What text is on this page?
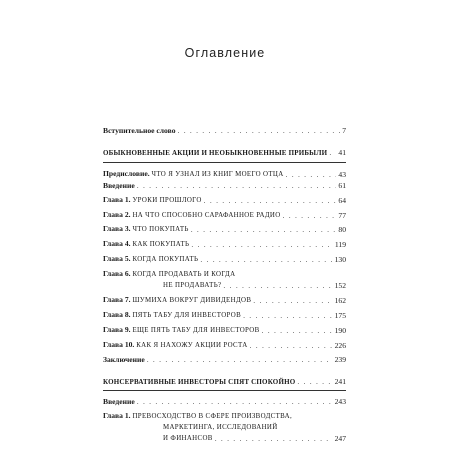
Оглавление
Вступительное слово . . .	7
ОБЫКНОВЕННЫЕ АКЦИИ И НЕОБЫКНОВЕННЫЕ ПРИБЫЛИ . . . 41
Предисловие. ЧТО Я УЗНАЛ ИЗ КНИГ МОЕГО ОТЦА . . .	43
Введение . . .	61
Глава 1. УРОКИ ПРОШЛОГО . . .	64
Глава 2. НА ЧТО СПОСОБНО САРАФАННОЕ РАДИО . . .	77
Глава 3. ЧТО ПОКУПАТЬ . . .	80
Глава 4. КАК ПОКУПАТЬ . . .	119
Глава 5. КОГДА ПОКУПАТЬ . . .	130
Глава 6. КОГДА ПРОДАВАТЬ И КОГДА
НЕ ПРОДАВАТЬ? . . .	152
Глава 7. ШУМИХА ВОКРУГ ДИВИДЕНДОВ . . .	162
Глава 8. ПЯТЬ ТАБУ ДЛЯ ИНВЕСТОРОВ . . .	175
Глава 9. ЕЩЕ ПЯТЬ ТАБУ ДЛЯ ИНВЕСТОРОВ . . .	190
Глава 10. КАК Я НАХОЖУ АКЦИИ РОСТА . . .	226
Заключение . . .	239
КОНСЕРВАТИВНЫЕ ИНВЕСТОРЫ СПЯТ СПОКОЙНО . . .	241
Введение . . .	243
Глава 1. ПРЕВОСХОДСТВО В СФЕРЕ ПРОИЗВОДСТВА,
МАРКЕТИНГА, ИССЛЕДОВАНИЙ
И ФИНАНСОВ . . .	247
